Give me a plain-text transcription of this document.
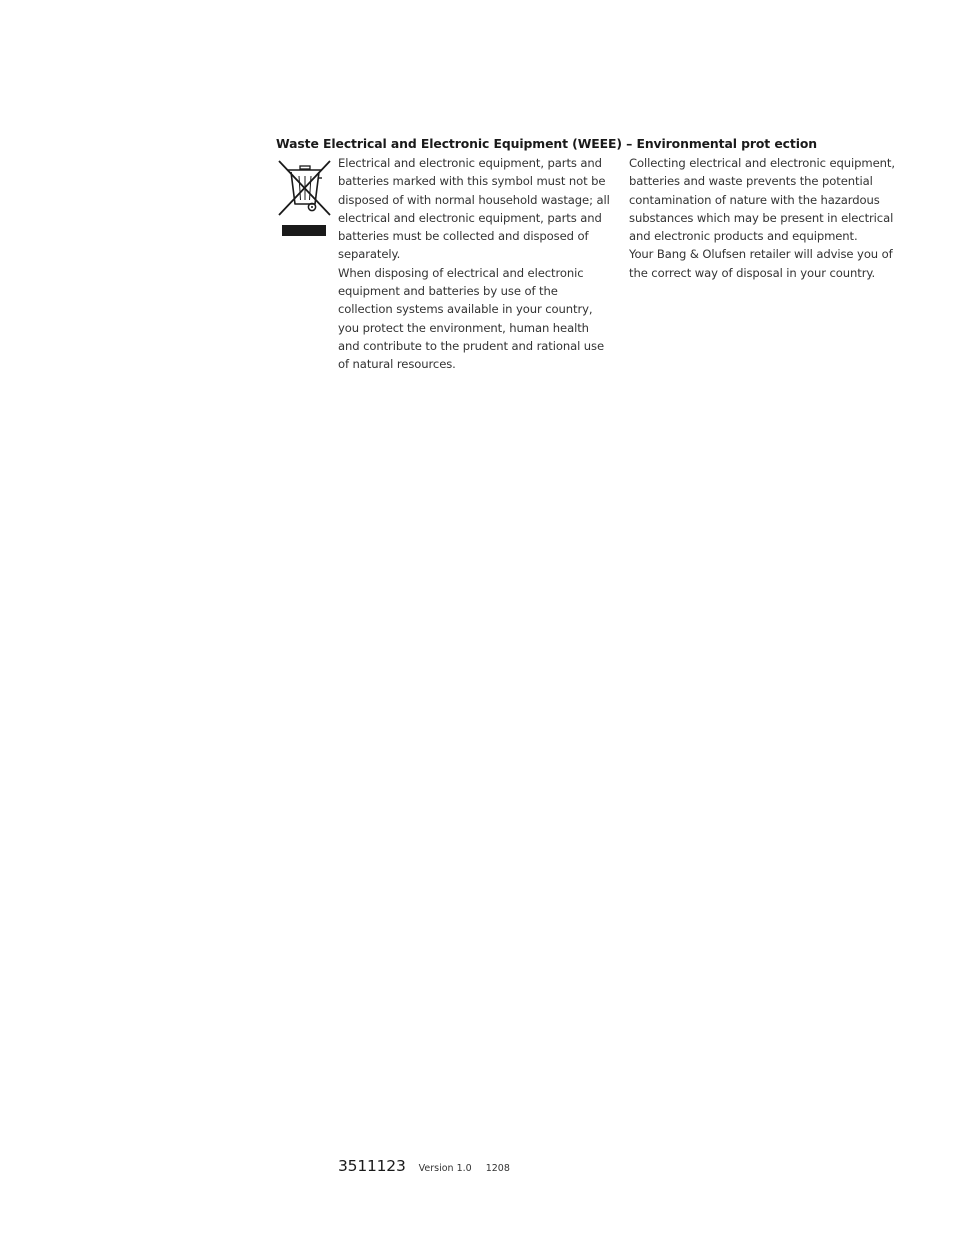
Waste Electrical and Electronic Equipment (WEEE) – Environmental prot ection

Electrical and electronic equipment, parts and batteries marked with this symbol must not be disposed of with normal household wastage; all electrical and electronic equipment, parts and batteries must be collected and disposed of separately.

When disposing of electrical and electronic equipment and batteries by use of the collection systems available in your country, you protect the environment, human health and contribute to the prudent and rational use of natural resources.

Collecting electrical and electronic equipment, batteries and waste prevents the potential contamination of nature with the hazardous substances which may be present in electrical and electronic products and equipment.

Your Bang & Olufsen retailer will advise you of the correct way of disposal in your country.

3511123 Version 1.0 1208
